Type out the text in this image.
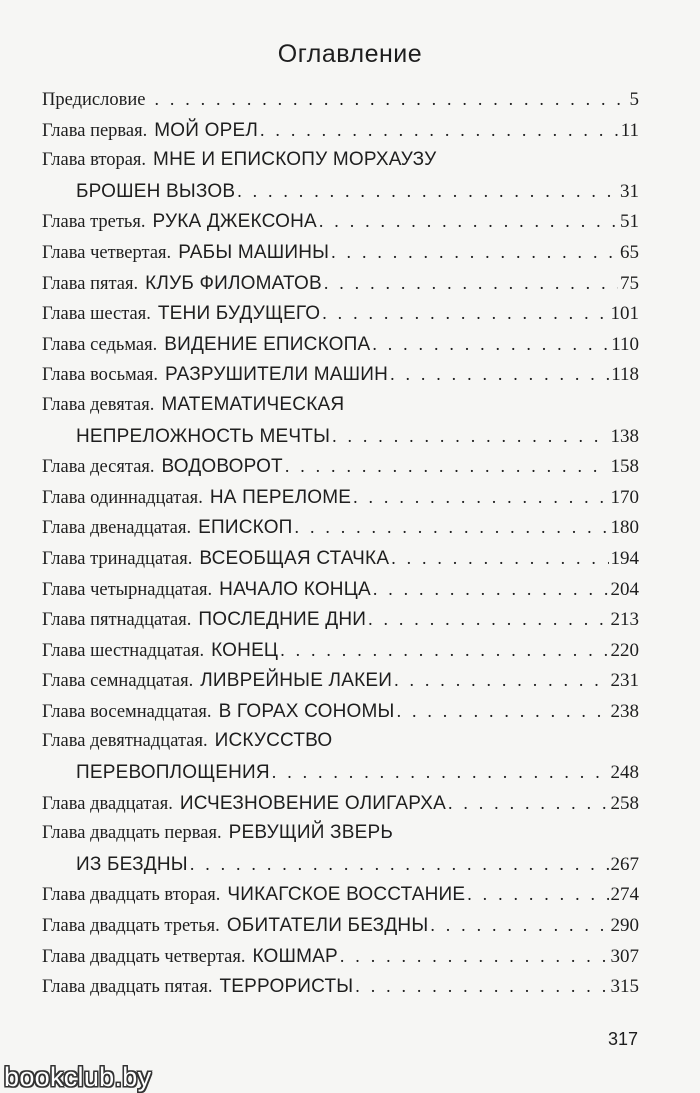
Оглавление
Предисловие . . .	5
Глава первая. МОЙ ОРЕЛ . . .	11
Глава вторая. МНЕ И ЕПИСКОПУ МОРХАУЗУ
БРОШЕН ВЫЗОВ . . .	31
Глава третья. РУКА ДЖЕКСОНА . . .	51
Глава четвертая. РАБЫ МАШИНЫ . . .	65
Глава пятая. КЛУБ ФИЛОМАТОВ . . .	75
Глава шестая. ТЕНИ БУДУЩЕГО . . .	101
Глава седьмая. ВИДЕНИЕ ЕПИСКОПА . . .	110
Глава восьмая. РАЗРУШИТЕЛИ МАШИН . . .	118
Глава девятая. МАТЕМАТИЧЕСКАЯ
НЕПРЕЛОЖНОСТЬ МЕЧТЫ . . .	138
Глава десятая. ВОДОВОРОТ . . .	158
Глава одиннадцатая. НА ПЕРЕЛОМЕ . . .	170
Глава двенадцатая. ЕПИСКОП . . .	180
Глава тринадцатая. ВСЕОБЩАЯ СТАЧКА . . .	194
Глава четырнадцатая. НАЧАЛО КОНЦА . . .	204
Глава пятнадцатая. ПОСЛЕДНИЕ ДНИ . . .	213
Глава шестнадцатая. КОНЕЦ . . .	220
Глава семнадцатая. ЛИВРЕЙНЫЕ ЛАКЕИ . . .	231
Глава восемнадцатая. В ГОРАХ СОНОМЫ . . .	238
Глава девятнадцатая. ИСКУССТВО
ПЕРЕВОПЛОЩЕНИЯ . . .	248
Глава двадцатая. ИСЧЕЗНОВЕНИЕ ОЛИГАРХА . . .	258
Глава двадцать первая. РЕВУЩИЙ ЗВЕРЬ
ИЗ БЕЗДНЫ . . .	267
Глава двадцать вторая. ЧИКАГСКОЕ ВОССТАНИЕ . . .	274
Глава двадцать третья. ОБИТАТЕЛИ БЕЗДНЫ . . .	290
Глава двадцать четвертая. КОШМАР . . .	307
Глава двадцать пятая. ТЕРРОРИСТЫ . . .	315
317
bookclub.by
